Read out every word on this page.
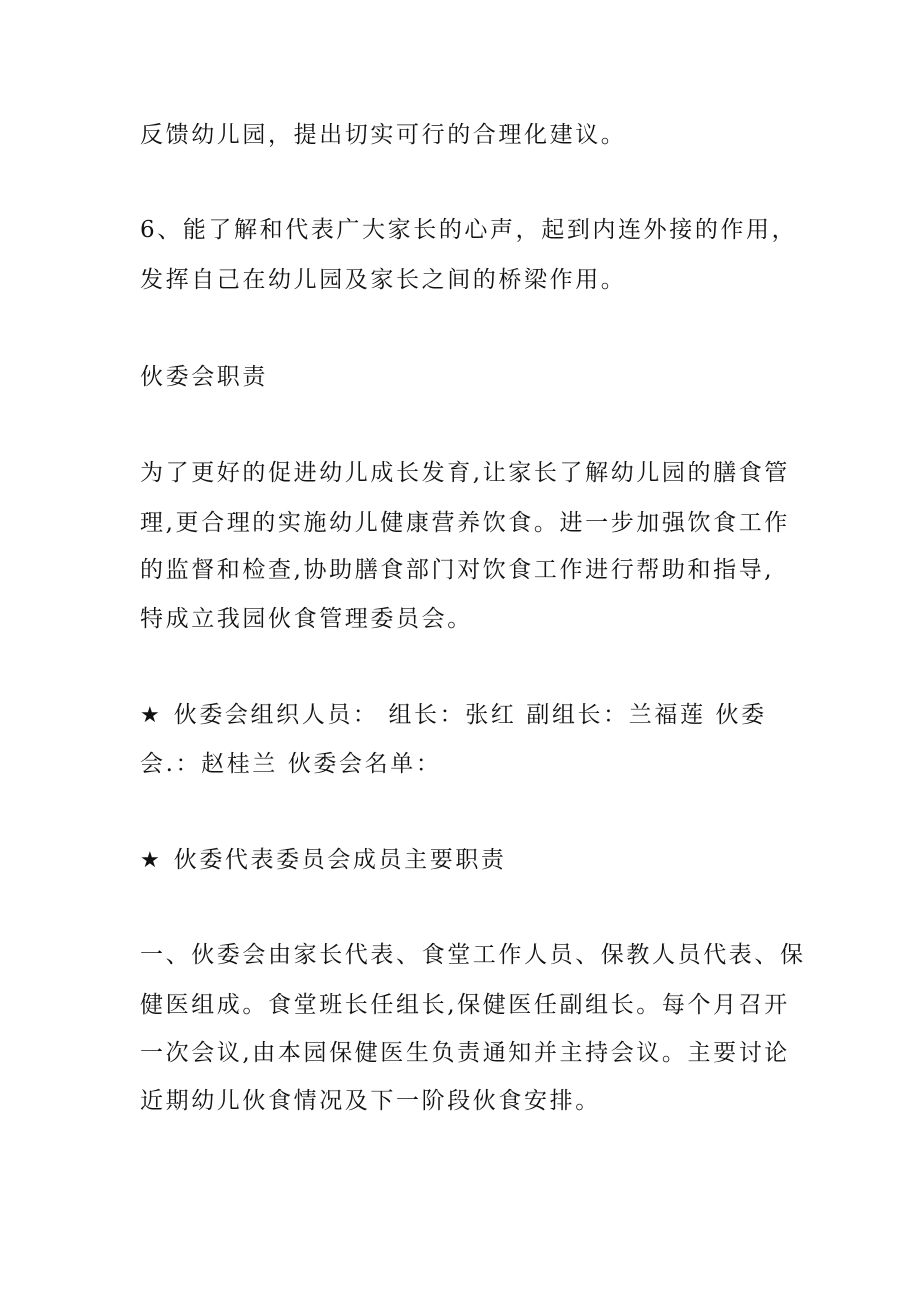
反馈幼儿园，提出切实可行的合理化建议。
6、能了解和代表广大家长的心声，起到内连外接的作用，
发挥自己在幼儿园及家长之间的桥梁作用。
伙委会职责
为了更好的促进幼儿成长发育,让家长了解幼儿园的膳食管
理,更合理的实施幼儿健康营养饮食。进一步加强饮食工作
的监督和检查,协助膳食部门对饮食工作进行帮助和指导,
特成立我园伙食管理委员会。
★ 伙委会组织人员： 组长：张红 副组长：兰福莲 伙委
会.：赵桂兰 伙委会名单：
★ 伙委代表委员会成员主要职责
一、伙委会由家长代表、食堂工作人员、保教人员代表、保
健医组成。食堂班长任组长,保健医任副组长。每个月召开
一次会议,由本园保健医生负责通知并主持会议。主要讨论
近期幼儿伙食情况及下一阶段伙食安排。
